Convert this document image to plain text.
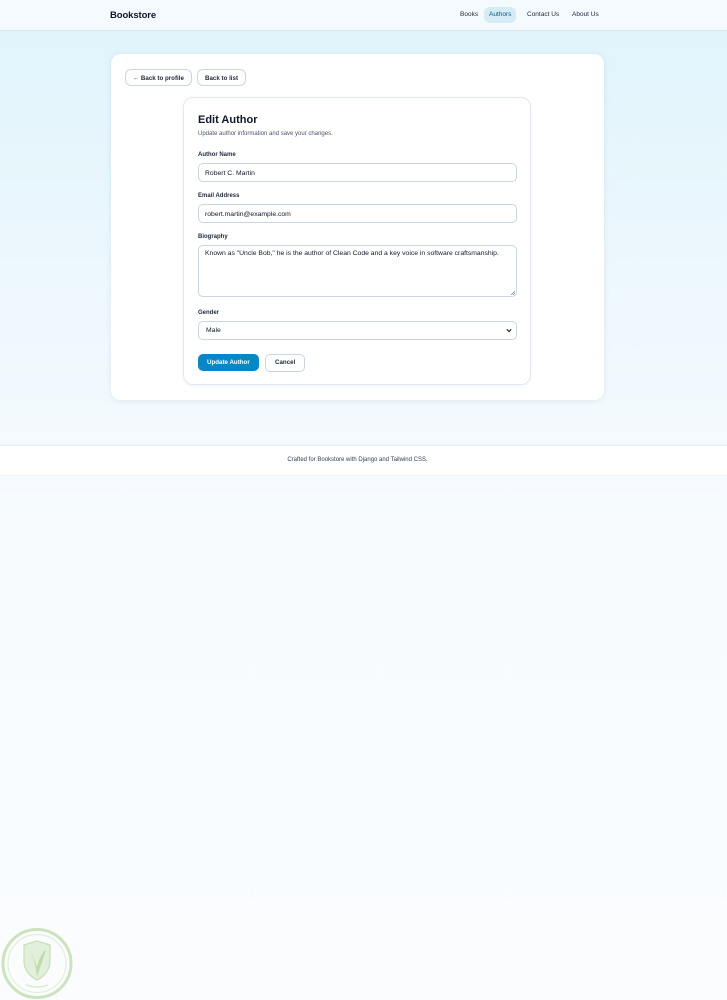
Bookstore	Books	Authors	Contact Us	About Us
← Back to profile	Back to list
Edit Author
Update author information and save your changes.
Author Name
Robert C. Martin
Email Address
robert.martin@example.com
Biography
Known as "Uncle Bob," he is the author of Clean Code and a key voice in software craftsmanship.
Gender
Male
Update Author	Cancel
Crafted for Bookstore with Django and Tailwind CSS.
